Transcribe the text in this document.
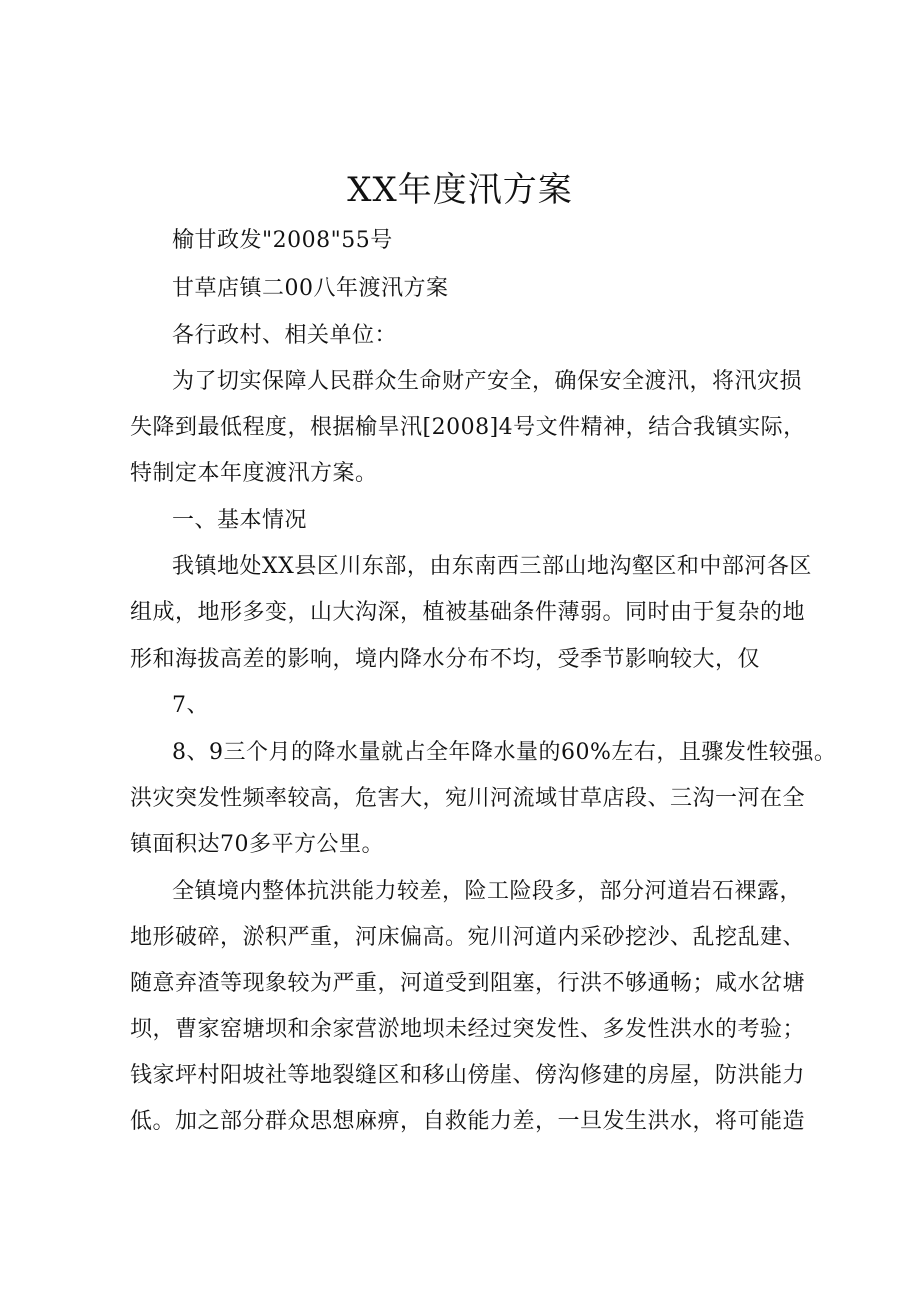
XX年度汛方案
榆甘政发"2008"55号
甘草店镇二00八年渡汛方案
各行政村、相关单位：
为了切实保障人民群众生命财产安全，确保安全渡汛，将汛灾损
失降到最低程度，根据榆旱汛[2008]4号文件精神，结合我镇实际，
特制定本年度渡汛方案。
一、基本情况
我镇地处XX县区川东部，由东南西三部山地沟壑区和中部河各区
组成，地形多变，山大沟深，植被基础条件薄弱。同时由于复杂的地
形和海拔高差的影响，境内降水分布不均，受季节影响较大，仅
7、
8、9三个月的降水量就占全年降水量的60%左右，且骤发性较强。
洪灾突发性频率较高，危害大，宛川河流域甘草店段、三沟一河在全
镇面积达70多平方公里。
全镇境内整体抗洪能力较差，险工险段多，部分河道岩石裸露，
地形破碎，淤积严重，河床偏高。宛川河道内采砂挖沙、乱挖乱建、
随意弃渣等现象较为严重，河道受到阻塞，行洪不够通畅；咸水岔塘
坝，曹家窑塘坝和余家营淤地坝未经过突发性、多发性洪水的考验；
钱家坪村阳坡社等地裂缝区和移山傍崖、傍沟修建的房屋，防洪能力
低。加之部分群众思想麻痹，自救能力差，一旦发生洪水，将可能造
